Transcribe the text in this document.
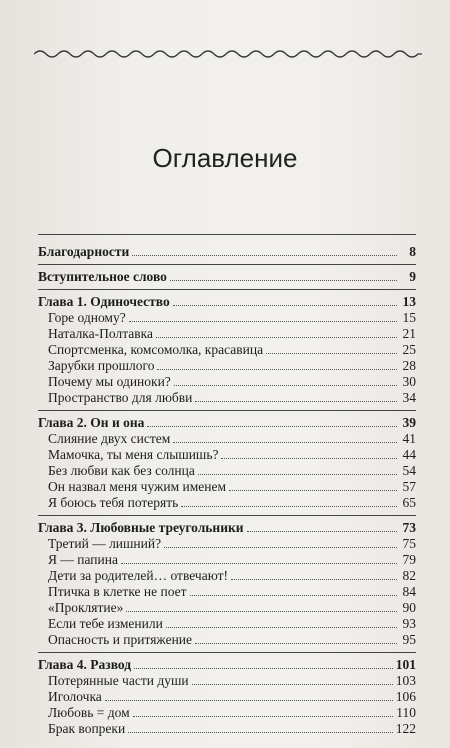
Оглавление
Благодарности	8
Вступительное слово	9
Глава 1. Одиночество	13
Горе одному?	15
Наталка-Полтавка	21
Спортсменка, комсомолка, красавица	25
Зарубки прошлого	28
Почему мы одиноки?	30
Пространство для любви	34
Глава 2. Он и она	39
Слияние двух систем	41
Мамочка, ты меня слышишь?	44
Без любви как без солнца	54
Он назвал меня чужим именем	57
Я боюсь тебя потерять	65
Глава 3. Любовные треугольники	73
Третий — лишний?	75
Я — папина	79
Дети за родителей… отвечают!	82
Птичка в клетке не поет	84
«Проклятие»	90
Если тебе изменили	93
Опасность и притяжение	95
Глава 4. Развод	101
Потерянные части души	103
Иголочка	106
Любовь = дом	110
Брак вопреки	122
